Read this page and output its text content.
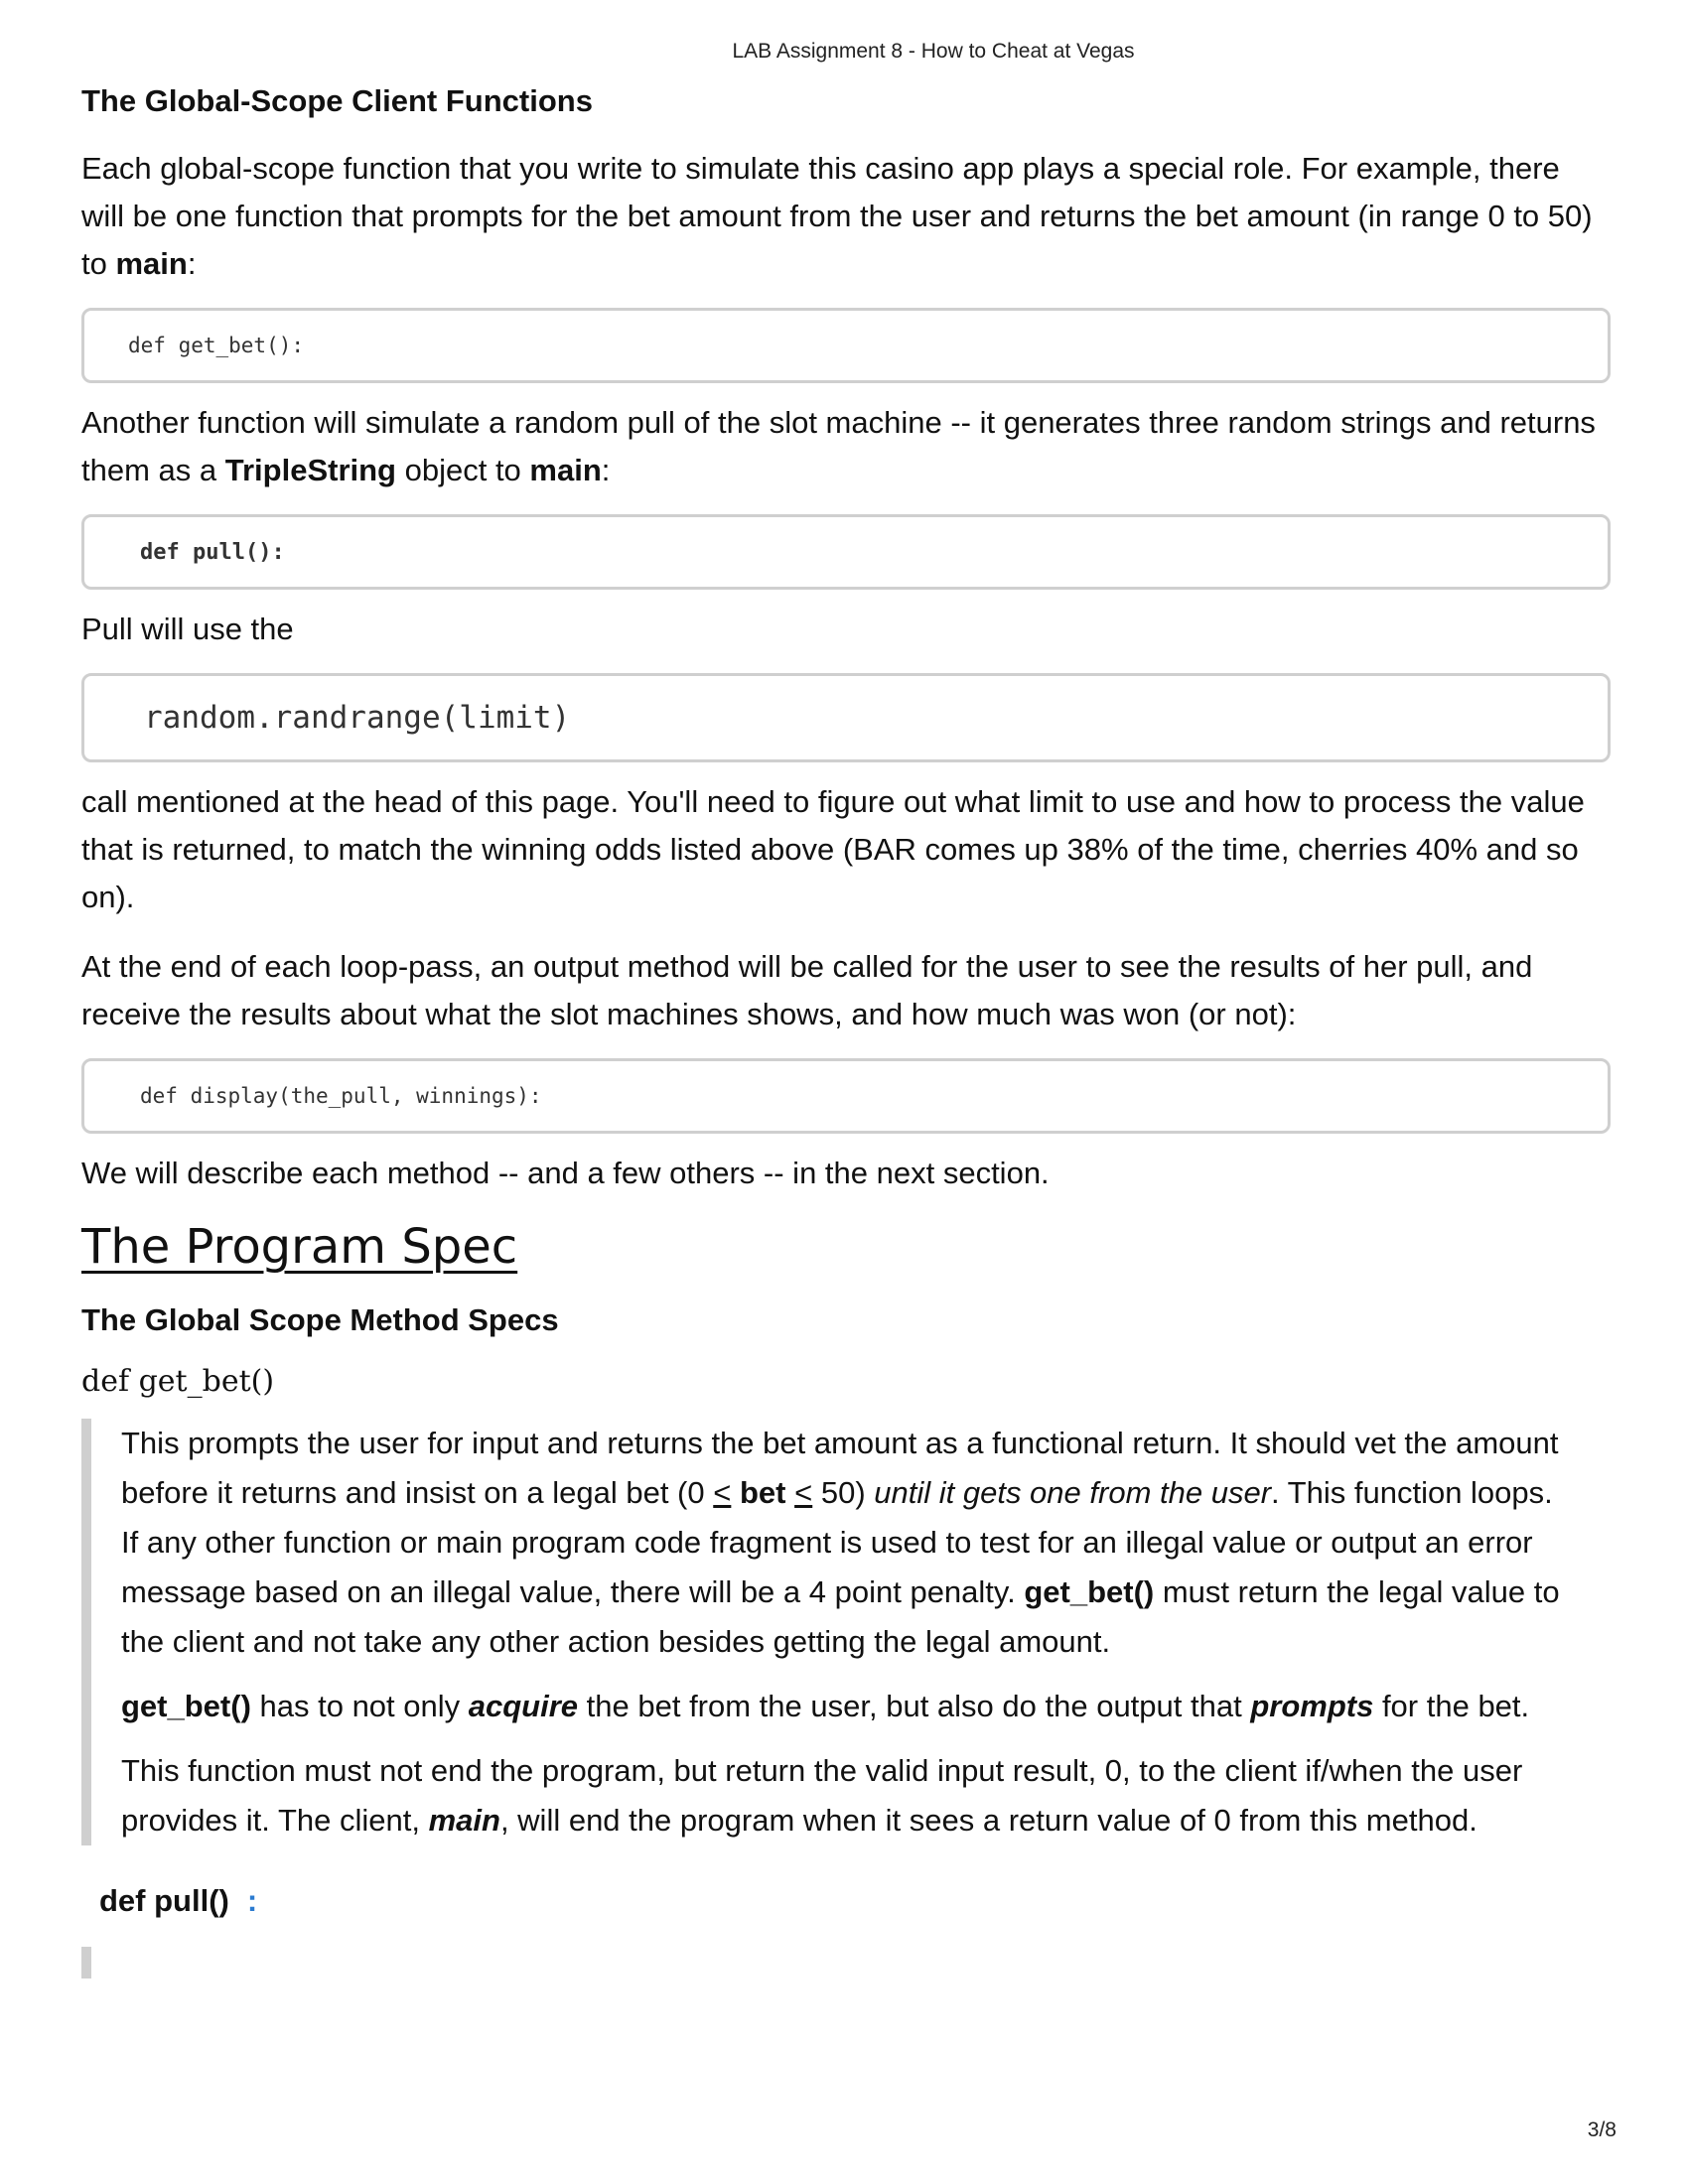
LAB Assignment 8 - How to Cheat at Vegas
The Global-Scope Client Functions

Each global-scope function that you write to simulate this casino app plays a special role. For example, there will be one function that prompts for the bet amount from the user and returns the bet amount (in range 0 to 50) to main:

def get_bet():

Another function will simulate a random pull of the slot machine -- it generates three random strings and returns them as a TripleString object to main:

def pull():

Pull will use the

random.randrange(limit)

call mentioned at the head of this page. You'll need to figure out what limit to use and how to process the value that is returned, to match the winning odds listed above (BAR comes up 38% of the time, cherries 40% and so on).

At the end of each loop-pass, an output method will be called for the user to see the results of her pull, and receive the results about what the slot machines shows, and how much was won (or not):

def display(the_pull, winnings):

We will describe each method -- and a few others -- in the next section.

The Program Spec
The Global Scope Method Specs

def get_bet()

This prompts the user for input and returns the bet amount as a functional return. It should vet the amount before it returns and insist on a legal bet (0 < bet < 50) until it gets one from the user. This function loops. If any other function or main program code fragment is used to test for an illegal value or output an error message based on an illegal value, there will be a 4 point penalty. get_bet() must return the legal value to the client and not take any other action besides getting the legal amount.

get_bet() has to not only acquire the bet from the user, but also do the output that prompts for the bet.

This function must not end the program, but return the valid input result, 0, to the client if/when the user provides it. The client, main, will end the program when it sees a return value of 0 from this method.

def pull() :

3/8
